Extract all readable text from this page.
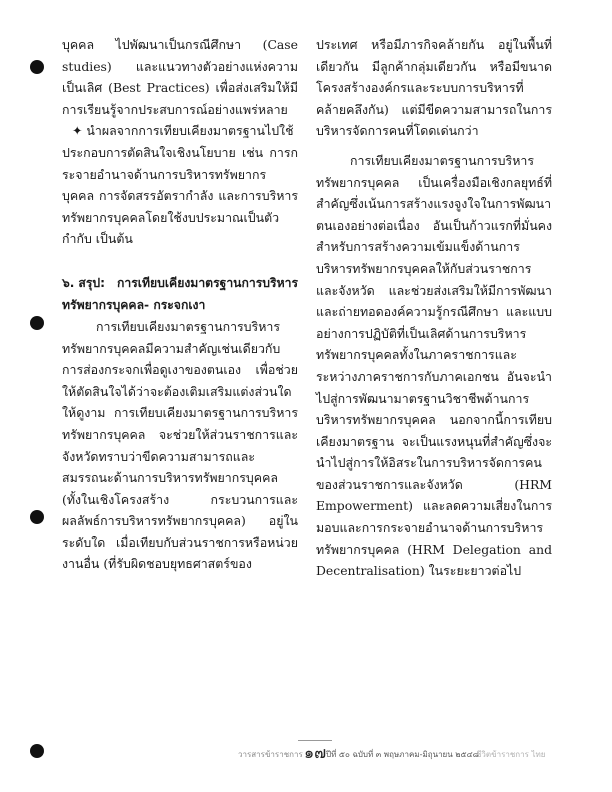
บุคคล ไปพัฒนาเป็นกรณีศึกษา (Case studies) และแนวทางตัวอย่างแห่งความเป็นเลิศ (Best Practices) เพื่อส่งเสริมให้มีการเรียนรู้จากประสบการณ์อย่างแพร่หลาย

✦ นำผลจากการเทียบเคียงมาตรฐานไปใช้ประกอบการตัดสินใจเชิงนโยบาย เช่น การกระจายอำนาจด้านการบริหารทรัพยากรบุคคล การจัดสรรอัตรากำลัง และการบริหารทรัพยากรบุคคลโดยใช้งบประมาณเป็นตัวกำกับ เป็นต้น

๖. สรุป: การเทียบเคียงมาตรฐานการบริหารทรัพยากรบุคคล- กระจกเงา

การเทียบเคียงมาตรฐานการบริหารทรัพยากรบุคคลมีความสำคัญเช่นเดียวกับการส่องกระจกเพื่อดูเงาของตนเอง เพื่อช่วยให้ตัดสินใจได้ว่าจะต้องเติมเสริมแต่งส่วนใดให้ดูงาม การเทียบเคียงมาตรฐานการบริหารทรัพยากรบุคคล จะช่วยให้ส่วนราชการและจังหวัดทราบว่าขีดความสามารถและสมรรถนะด้านการบริหารทรัพยากรบุคคล (ทั้งในเชิงโครงสร้าง กระบวนการและผลลัพธ์การบริหารทรัพยากรบุคคล) อยู่ในระดับใด เมื่อเทียบกับส่วนราชการหรือหน่วยงานอื่น (ที่รับผิดชอบยุทธศาสตร์ของ

ประเทศ หรือมีภารกิจคล้ายกัน อยู่ในพื้นที่เดียวกัน มีลูกค้ากลุ่มเดียวกัน หรือมีขนาด โครงสร้างองค์กรและระบบการบริหารที่คล้ายคลึงกัน) แต่มีขีดความสามารถในการบริหารจัดการคนที่โดดเด่นกว่า

การเทียบเคียงมาตรฐานการบริหารทรัพยากรบุคคล เป็นเครื่องมือเชิงกลยุทธ์ที่สำคัญซึ่งเน้นการสร้างแรงจูงใจในการพัฒนาตนเองอย่างต่อเนื่อง อันเป็นก้าวแรกที่มั่นคงสำหรับการสร้างความเข้มแข็งด้านการบริหารทรัพยากรบุคคลให้กับส่วนราชการและจังหวัด และช่วยส่งเสริมให้มีการพัฒนาและถ่ายทอดองค์ความรู้กรณีศึกษา และแบบอย่างการปฏิบัติที่เป็นเลิศด้านการบริหารทรัพยากรบุคคลทั้งในภาคราชการและระหว่างภาคราชการกับภาคเอกชน อันจะนำไปสู่การพัฒนามาตรฐานวิชาชีพด้านการบริหารทรัพยากรบุคคล นอกจากนี้การเทียบเคียงมาตรฐาน จะเป็นแรงหนุนที่สำคัญซึ่งจะนำไปสู่การให้อิสระในการบริหารจัดการคนของส่วนราชการและจังหวัด (HRM Empowerment) และลดความเสี่ยงในการมอบและการกระจายอำนาจด้านการบริหารทรัพยากรบุคคล (HRM Delegation and Decentralisation) ในระยะยาวต่อไป

วารสารข้าราชการ ๑๗ ปีที่ ๕๐ ฉบับที่ ๓ พฤษภาคม-มิถุนายน ๒๕๔๘
ชีวิตข้าราชการ ไทย
